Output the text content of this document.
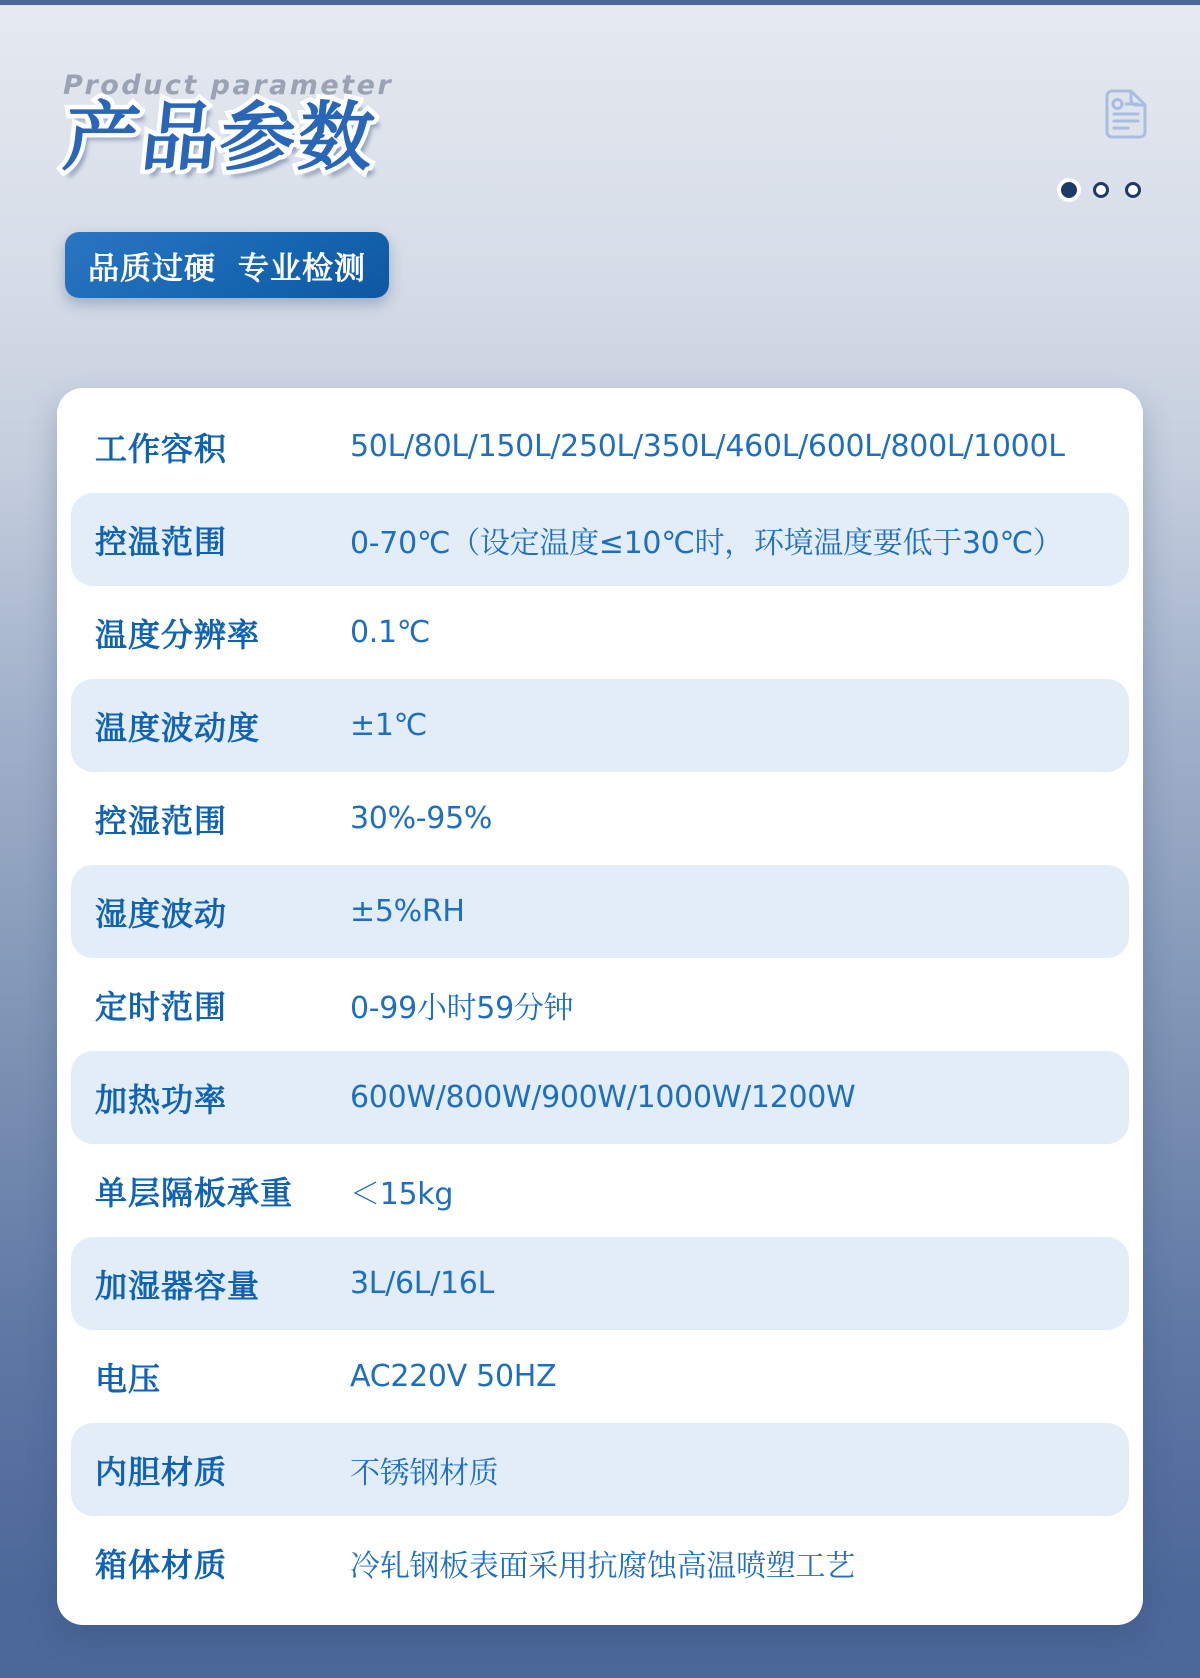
Product parameter
产品参数 产品参数
品质过硬 专业检测
工作容积	50L/80L/150L/250L/350L/460L/600L/800L/1000L
控温范围	0-70℃（设定温度≤10℃时，环境温度要低于30℃）
温度分辨率	0.1℃
温度波动度	±1℃
控湿范围	30%-95%
湿度波动	±5%RH
定时范围	0-99小时59分钟
加热功率	600W/800W/900W/1000W/1200W
单层隔板承重	＜15kg
加湿器容量	3L/6L/16L
电压	AC220V 50HZ
内胆材质	不锈钢材质
箱体材质	冷轧钢板表面采用抗腐蚀高温喷塑工艺
